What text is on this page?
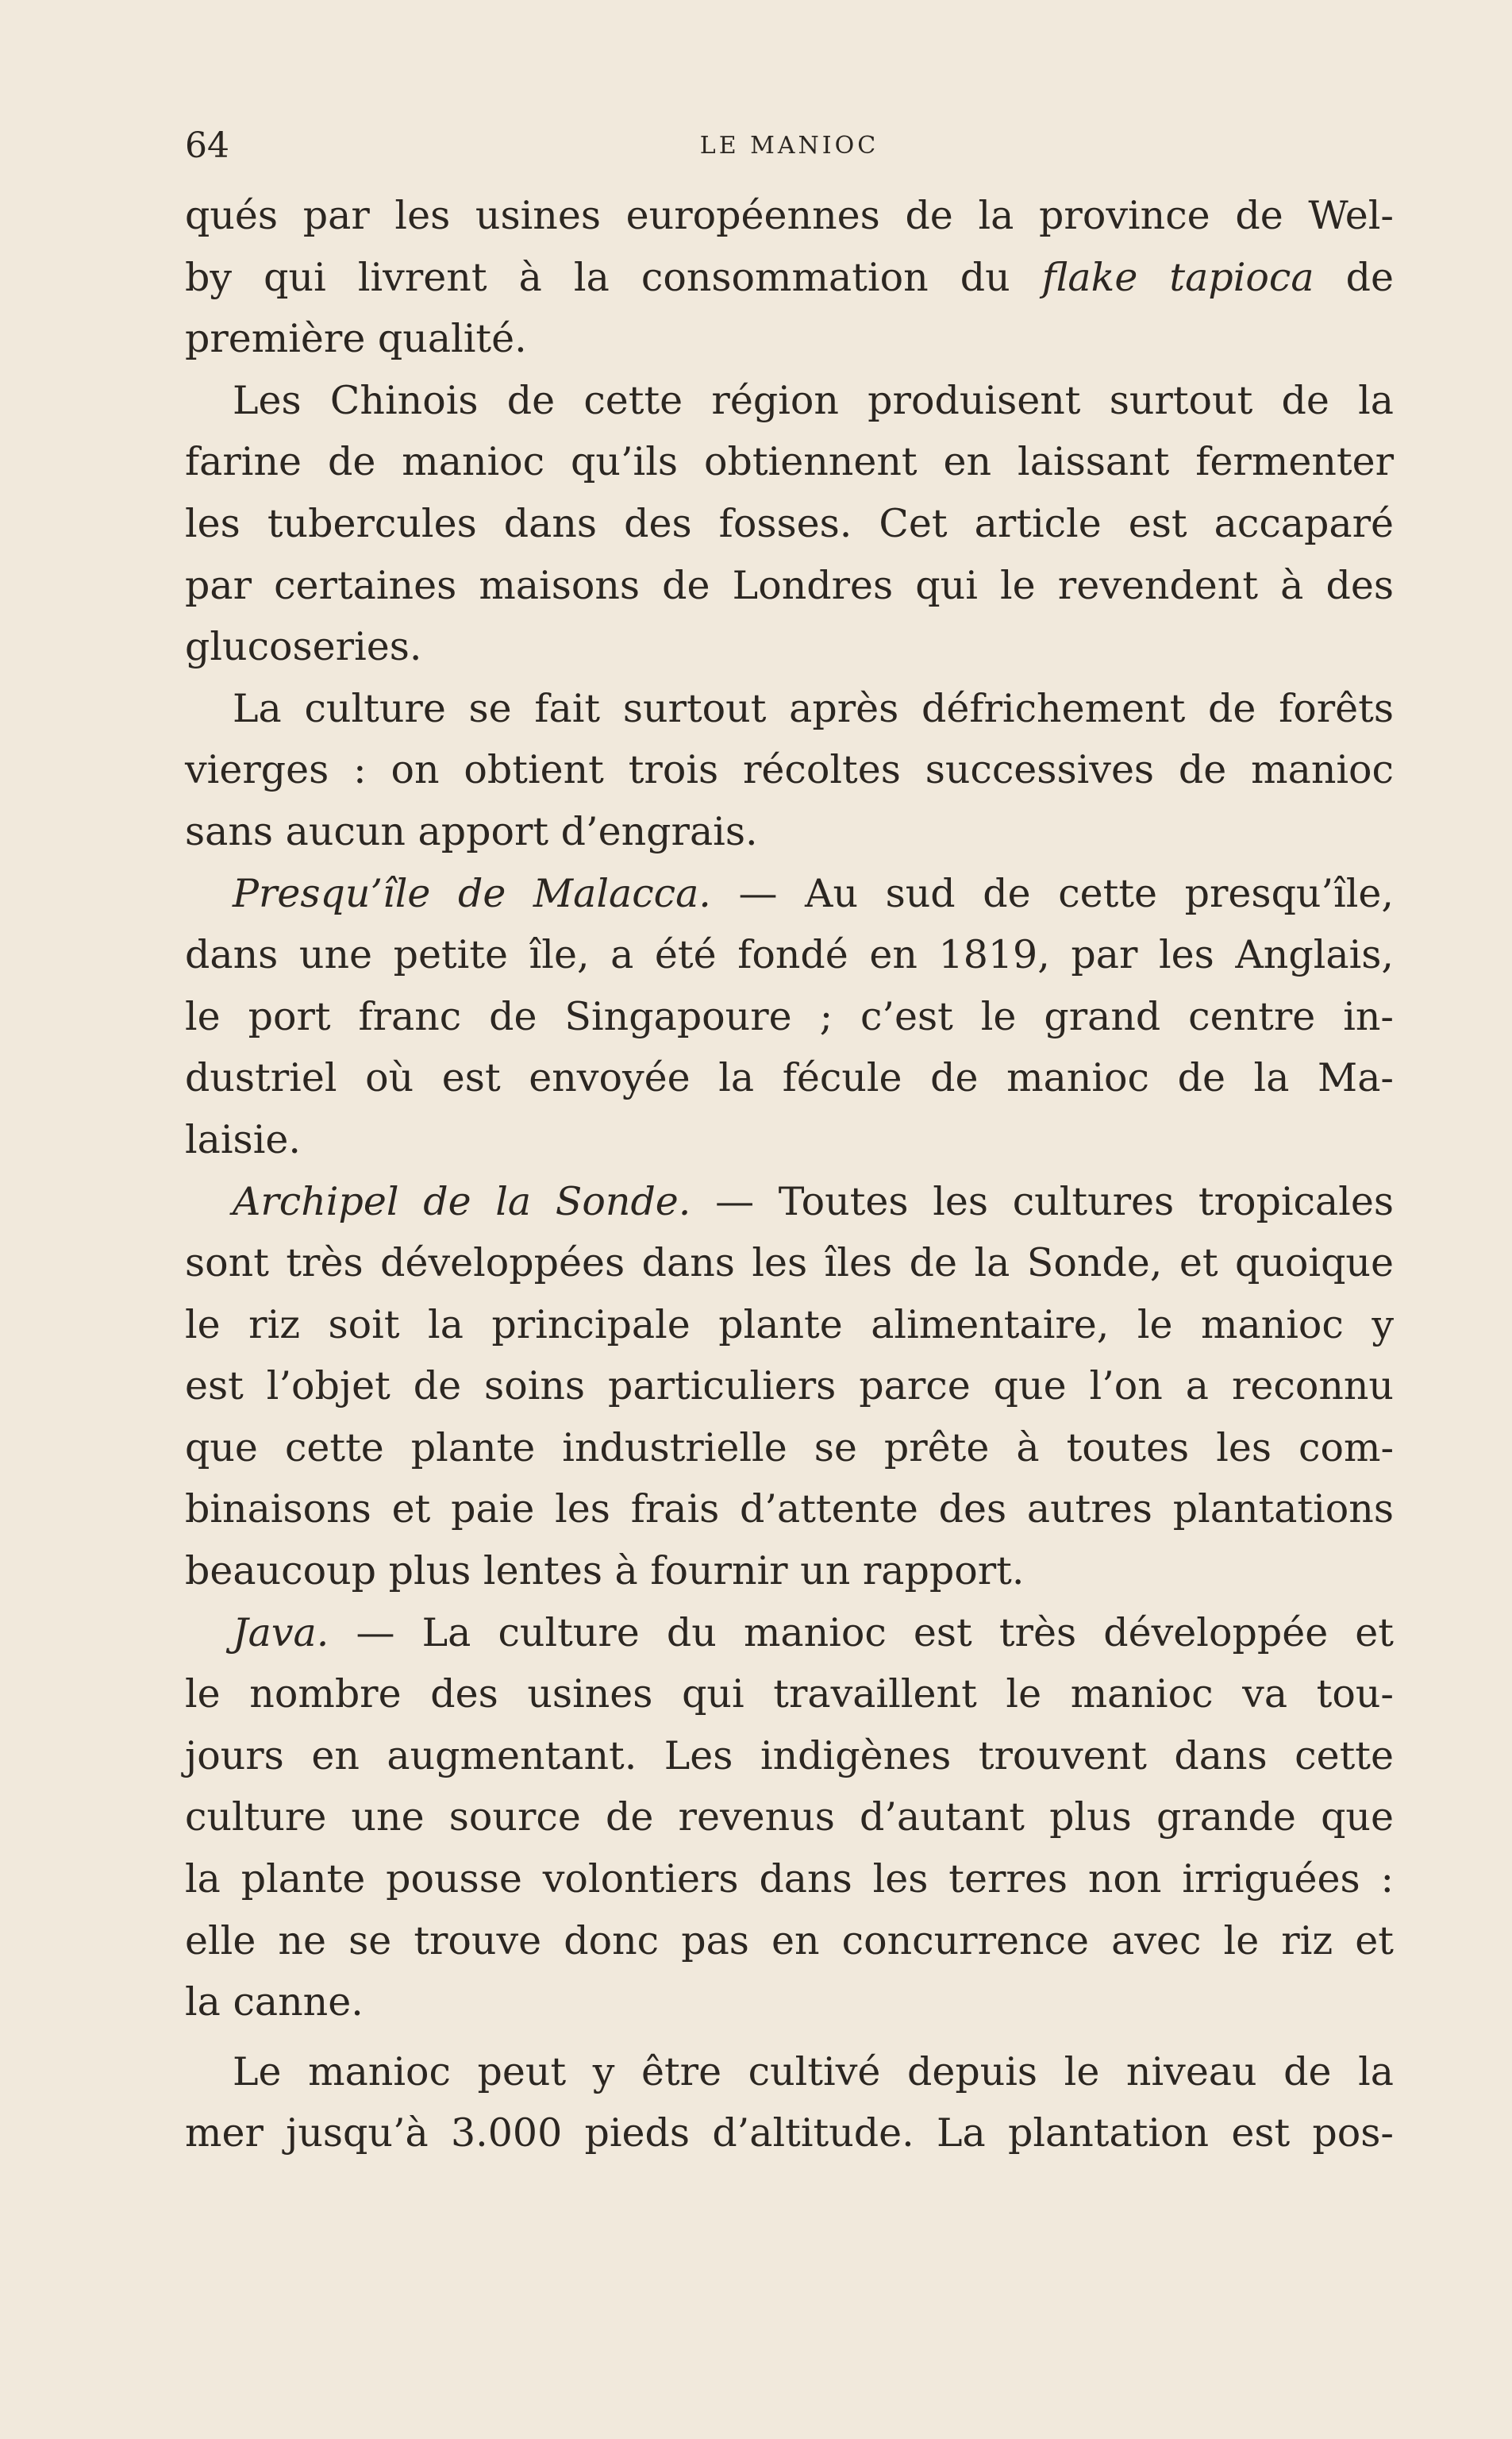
64	LE MANIOC

qués par les usines européennes de la province de Wel-
by qui livrent à la consommation du flake tapioca de
première qualité.

Les Chinois de cette région produisent surtout de la
farine de manioc qu’ils obtiennent en laissant fermenter
les tubercules dans des fosses. Cet article est accaparé
par certaines maisons de Londres qui le revendent à des
glucoseries.

La culture se fait surtout après défrichement de forêts
vierges : on obtient trois récoltes successives de manioc
sans aucun apport d’engrais.

Presqu’île de Malacca. — Au sud de cette presqu’île,
dans une petite île, a été fondé en 1819, par les Anglais,
le port franc de Singapoure ; c’est le grand centre in-
dustriel où est envoyée la fécule de manioc de la Ma-
laisie.

Archipel de la Sonde. — Toutes les cultures tropicales
sont très développées dans les îles de la Sonde, et quoique
le riz soit la principale plante alimentaire, le manioc y
est l’objet de soins particuliers parce que l’on a reconnu
que cette plante industrielle se prête à toutes les com-
binaisons et paie les frais d’attente des autres plantations
beaucoup plus lentes à fournir un rapport.

Java. — La culture du manioc est très développée et
le nombre des usines qui travaillent le manioc va tou-
jours en augmentant. Les indigènes trouvent dans cette
culture une source de revenus d’autant plus grande que
la plante pousse volontiers dans les terres non irriguées :
elle ne se trouve donc pas en concurrence avec le riz et
la canne.

Le manioc peut y être cultivé depuis le niveau de la
mer jusqu’à 3.000 pieds d’altitude. La plantation est pos-
